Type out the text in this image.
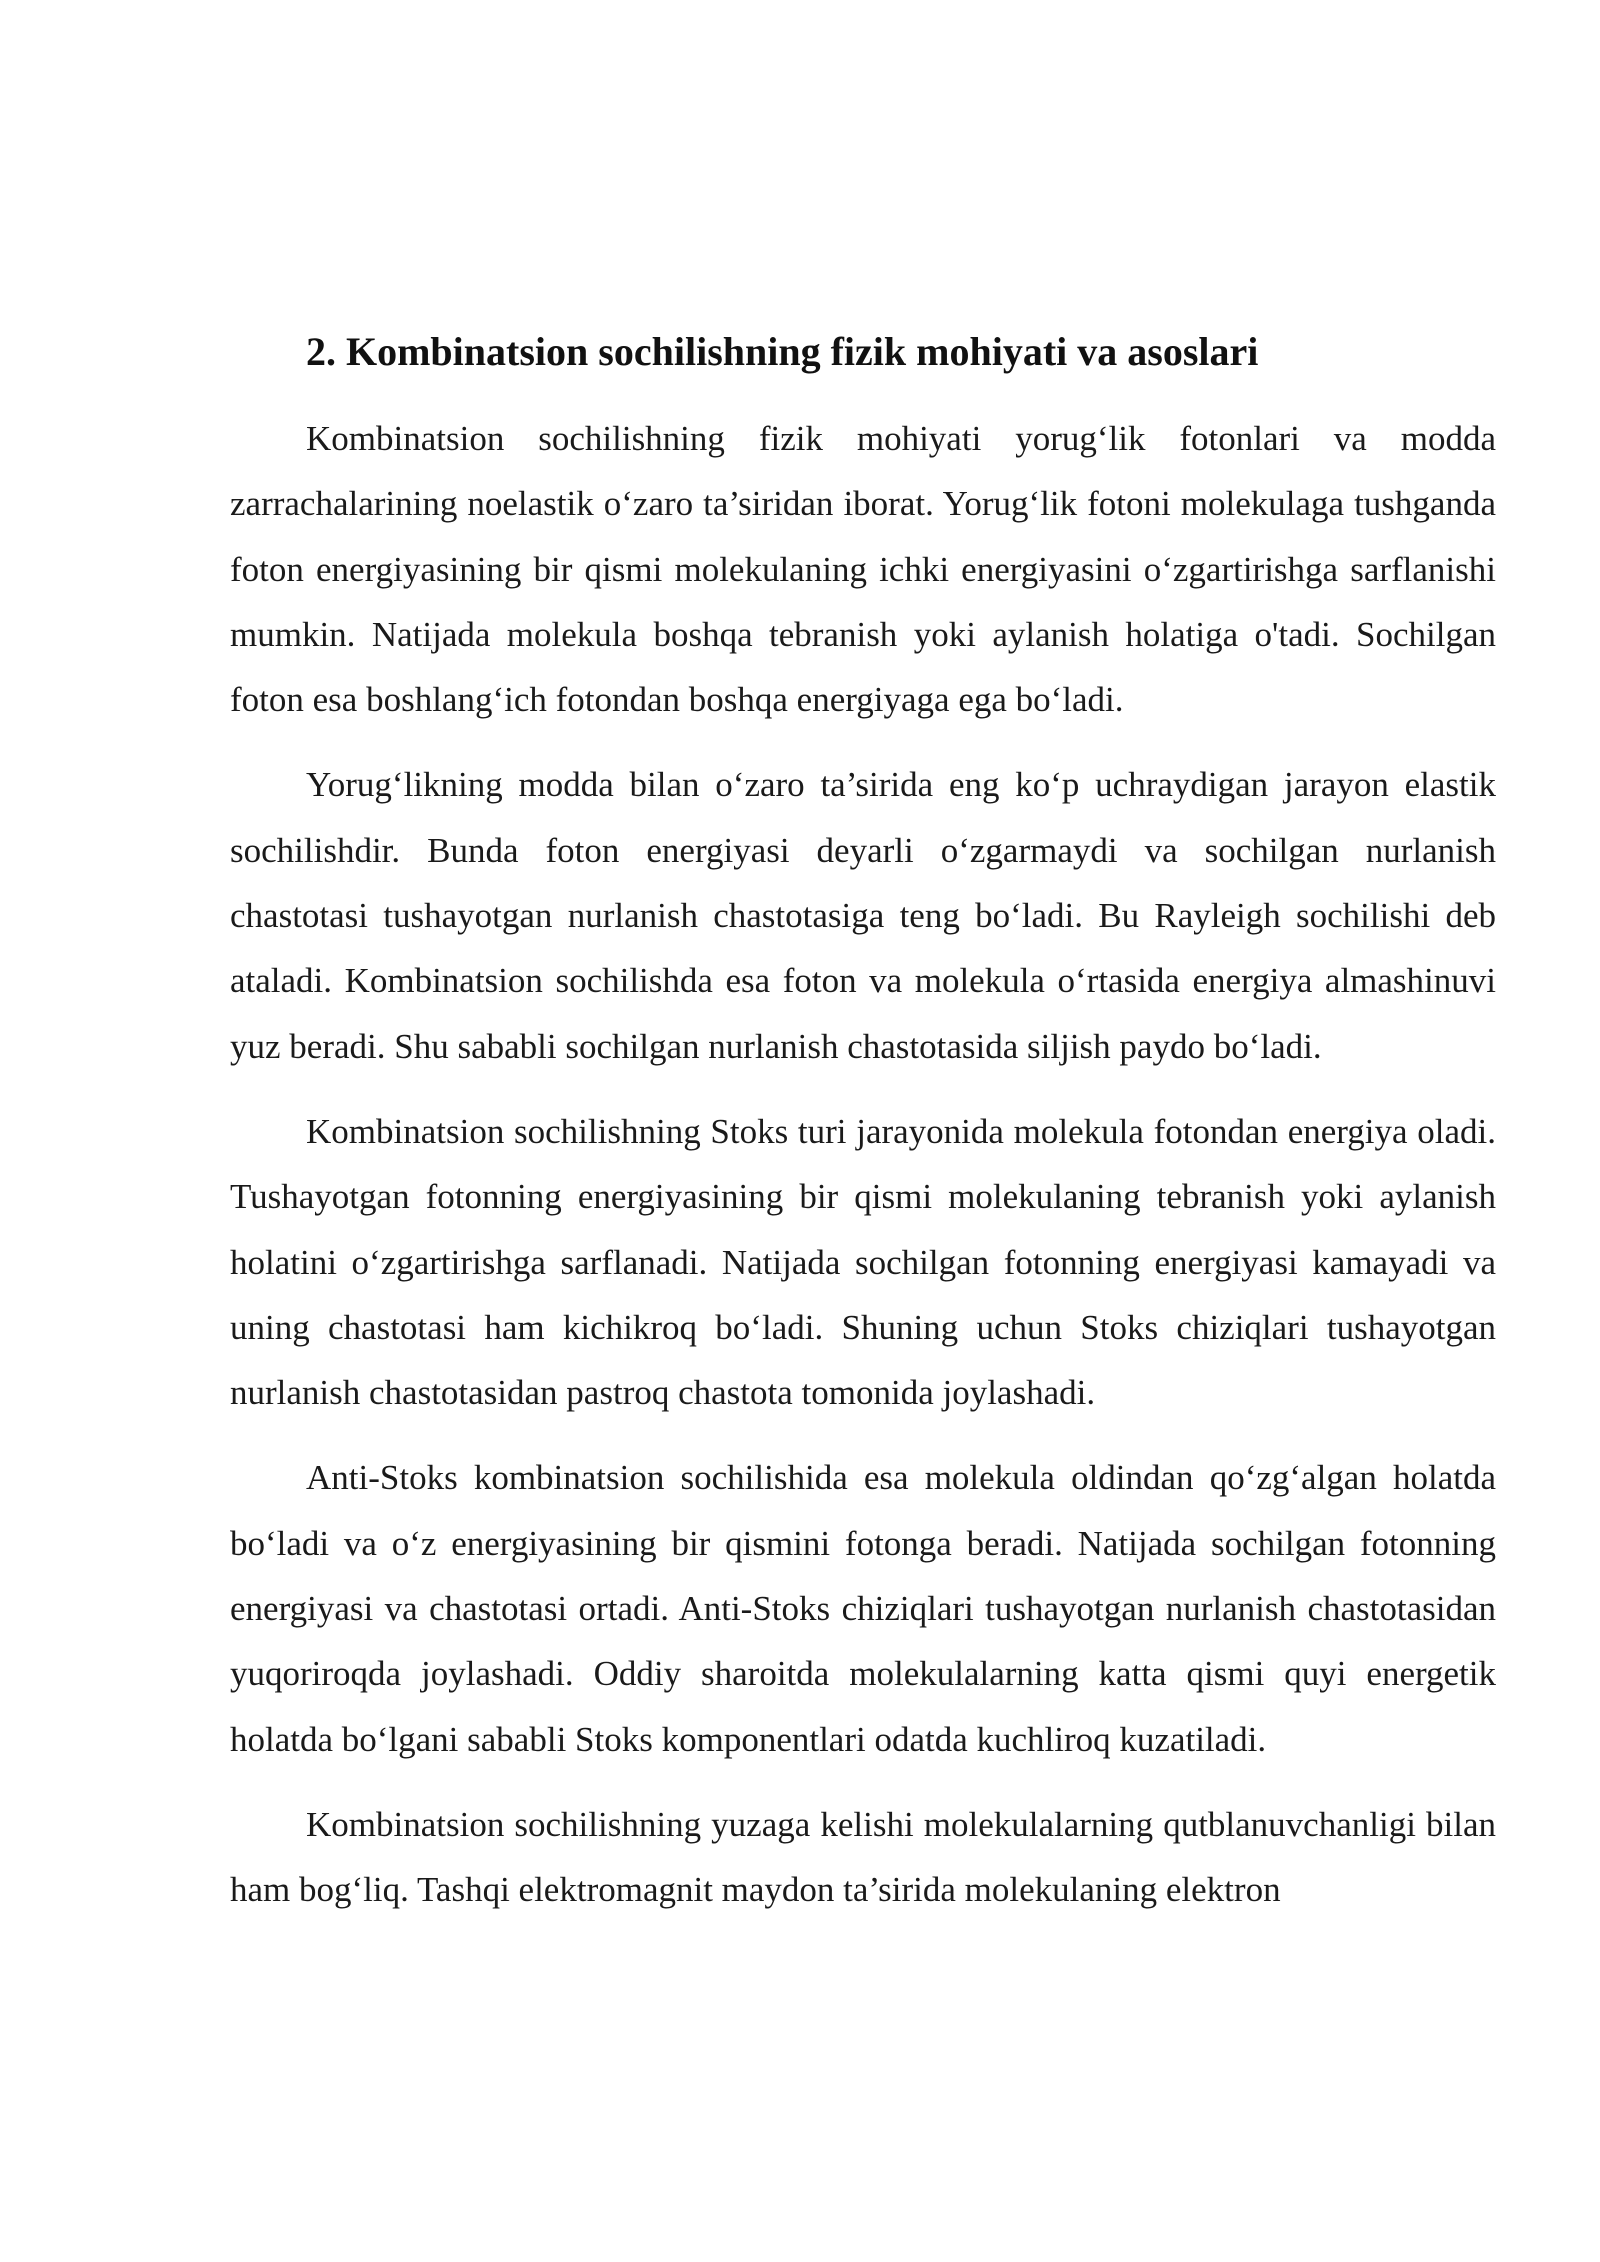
2. Kombinatsion sochilishning fizik mohiyati va asoslari

Kombinatsion sochilishning fizik mohiyati yorug‘lik fotonlari va modda zarrachalarining noelastik o‘zaro ta’siridan iborat. Yorug‘lik fotoni molekulaga tushganda foton energiyasining bir qismi molekulaning ichki energiyasini o‘zgartirishga sarflanishi mumkin. Natijada molekula boshqa tebranish yoki aylanish holatiga o'tadi. Sochilgan foton esa boshlang‘ich fotondan boshqa energiyaga ega bo‘ladi.

Yorug‘likning modda bilan o‘zaro ta’sirida eng ko‘p uchraydigan jarayon elastik sochilishdir. Bunda foton energiyasi deyarli o‘zgarmaydi va sochilgan nurlanish chastotasi tushayotgan nurlanish chastotasiga teng bo‘ladi. Bu Rayleigh sochilishi deb ataladi. Kombinatsion sochilishda esa foton va molekula o‘rtasida energiya almashinuvi yuz beradi. Shu sababli sochilgan nurlanish chastotasida siljish paydo bo‘ladi.

Kombinatsion sochilishning Stoks turi jarayonida molekula fotondan energiya oladi. Tushayotgan fotonning energiyasining bir qismi molekulaning tebranish yoki aylanish holatini o‘zgartirishga sarflanadi. Natijada sochilgan fotonning energiyasi kamayadi va uning chastotasi ham kichikroq bo‘ladi. Shuning uchun Stoks chiziqlari tushayotgan nurlanish chastotasidan pastroq chastota tomonida joylashadi.

Anti-Stoks kombinatsion sochilishida esa molekula oldindan qo‘zg‘algan holatda bo‘ladi va o‘z energiyasining bir qismini fotonga beradi. Natijada sochilgan fotonning energiyasi va chastotasi ortadi. Anti-Stoks chiziqlari tushayotgan nurlanish chastotasidan yuqoriroqda joylashadi. Oddiy sharoitda molekulalarning katta qismi quyi energetik holatda bo‘lgani sababli Stoks komponentlari odatda kuchliroq kuzatiladi.

Kombinatsion sochilishning yuzaga kelishi molekulalarning qutblanuvchanligi bilan ham bog‘liq. Tashqi elektromagnit maydon ta’sirida molekulaning elektron
